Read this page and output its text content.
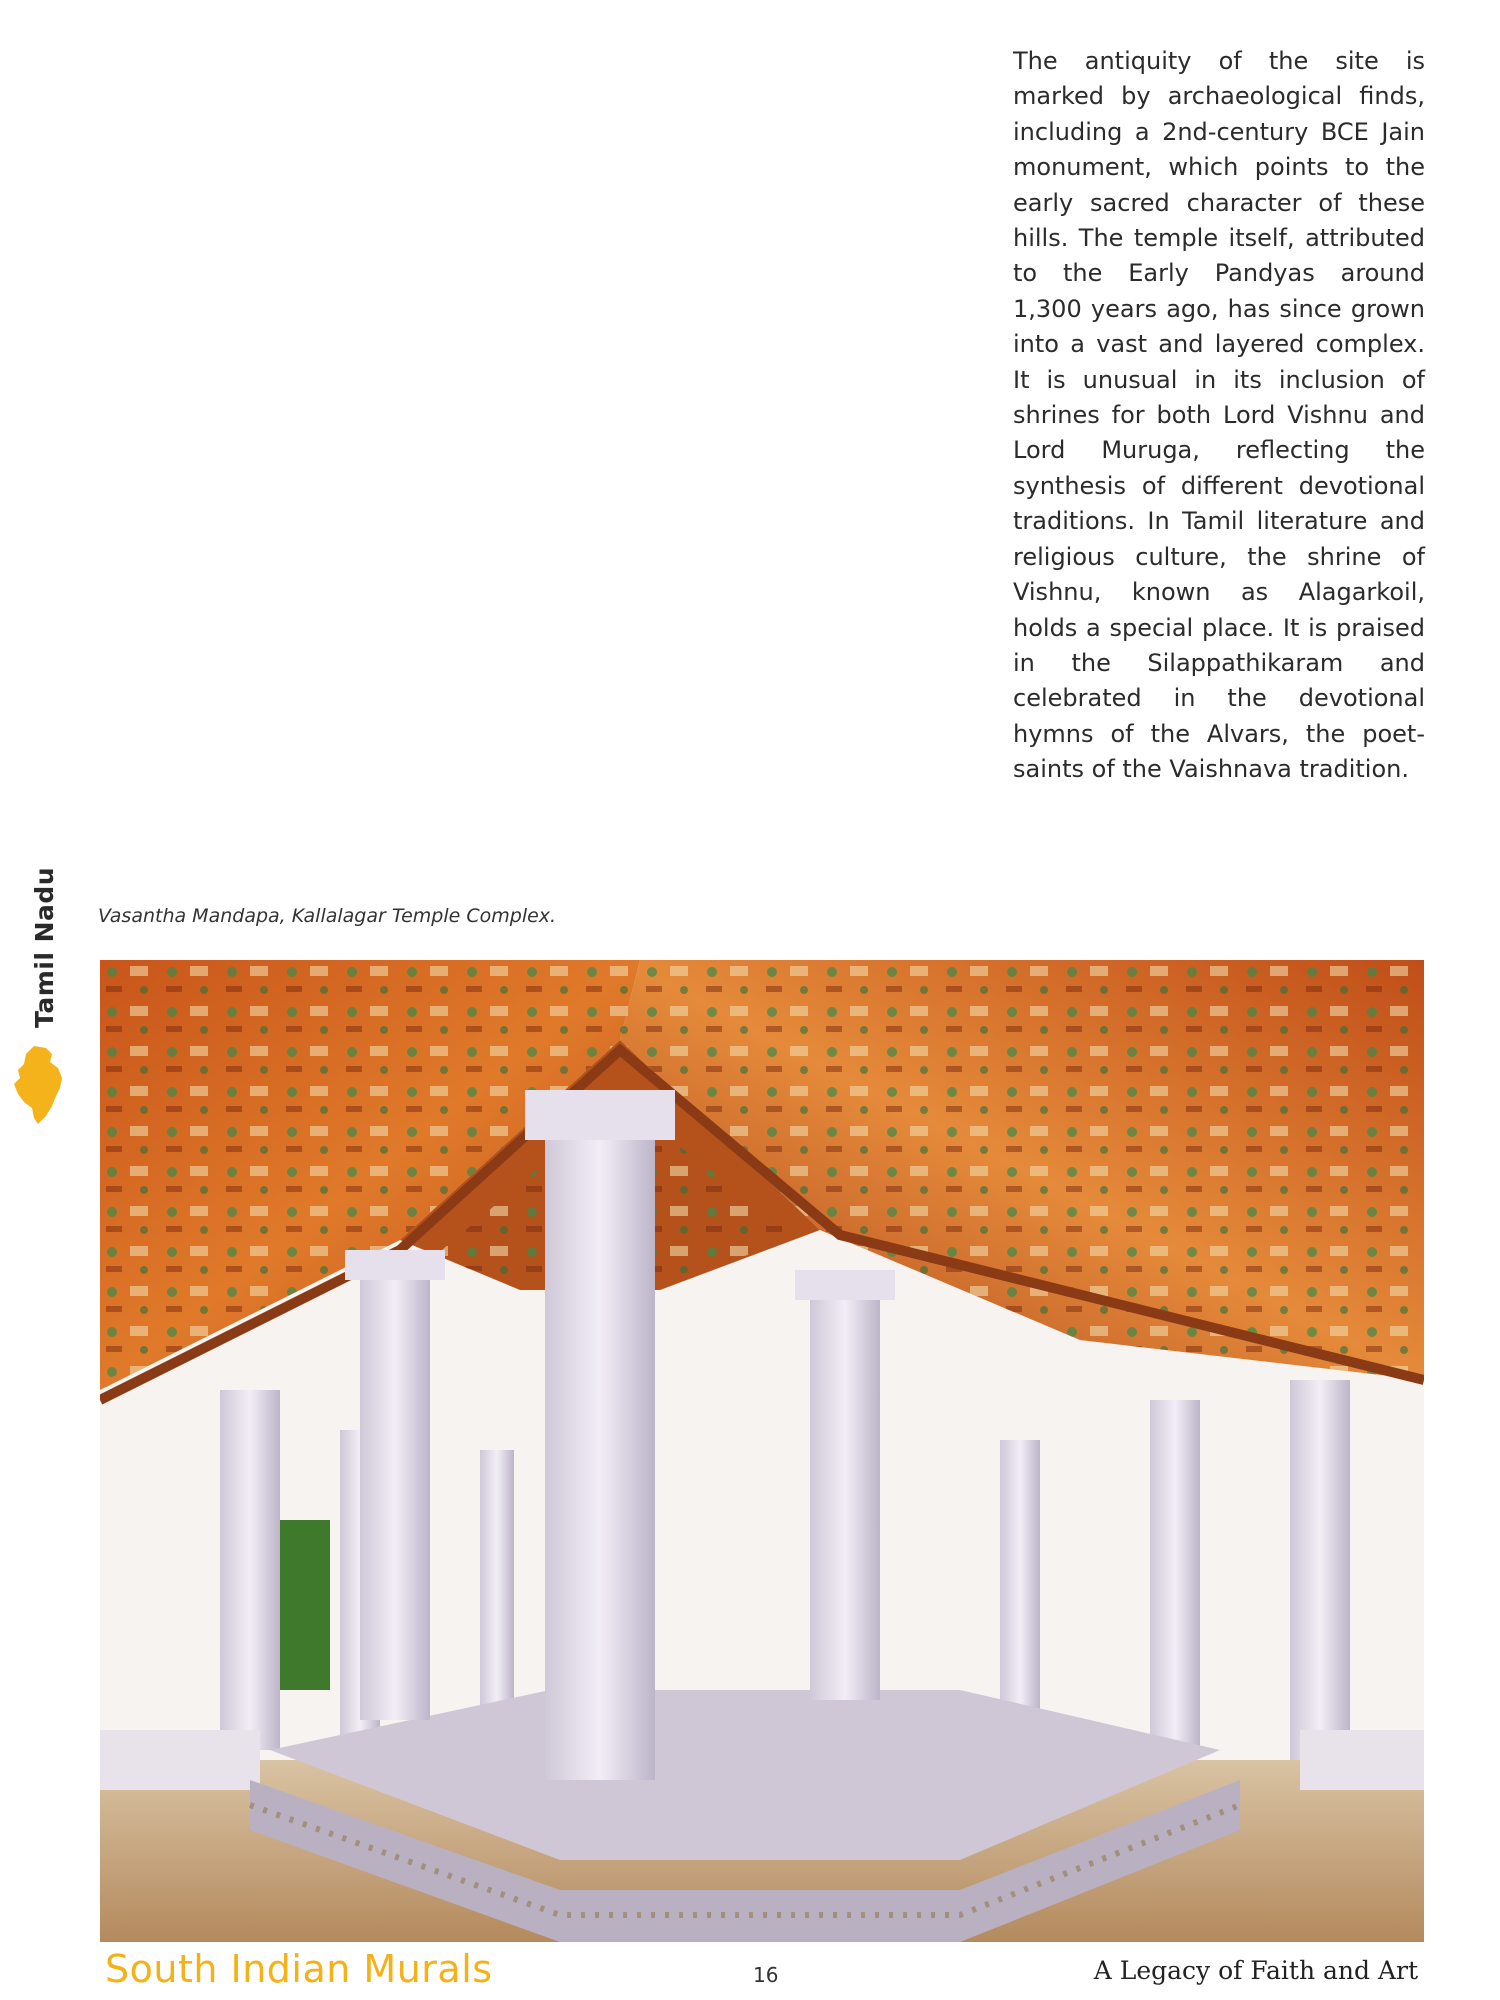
The antiquity of the site is marked by archaeological finds, including a 2nd-century BCE Jain monument, which points to the early sacred character of these hills. The temple itself, attributed to the Early Pandyas around 1,300 years ago, has since grown into a vast and layered complex. It is unusual in its inclusion of shrines for both Lord Vishnu and Lord Muruga, reflecting the synthesis of different devotional traditions. In Tamil literature and religious culture, the shrine of Vishnu, known as Alagarkoil, holds a special place. It is praised in the Silappathikaram and celebrated in the devotional hymns of the Alvars, the poet-saints of the Vaishnava tradition.

Tamil Nadu Vasantha Mandapa, Kallalagar Temple Complex.
South Indian Murals	16	A Legacy of Faith and Art
